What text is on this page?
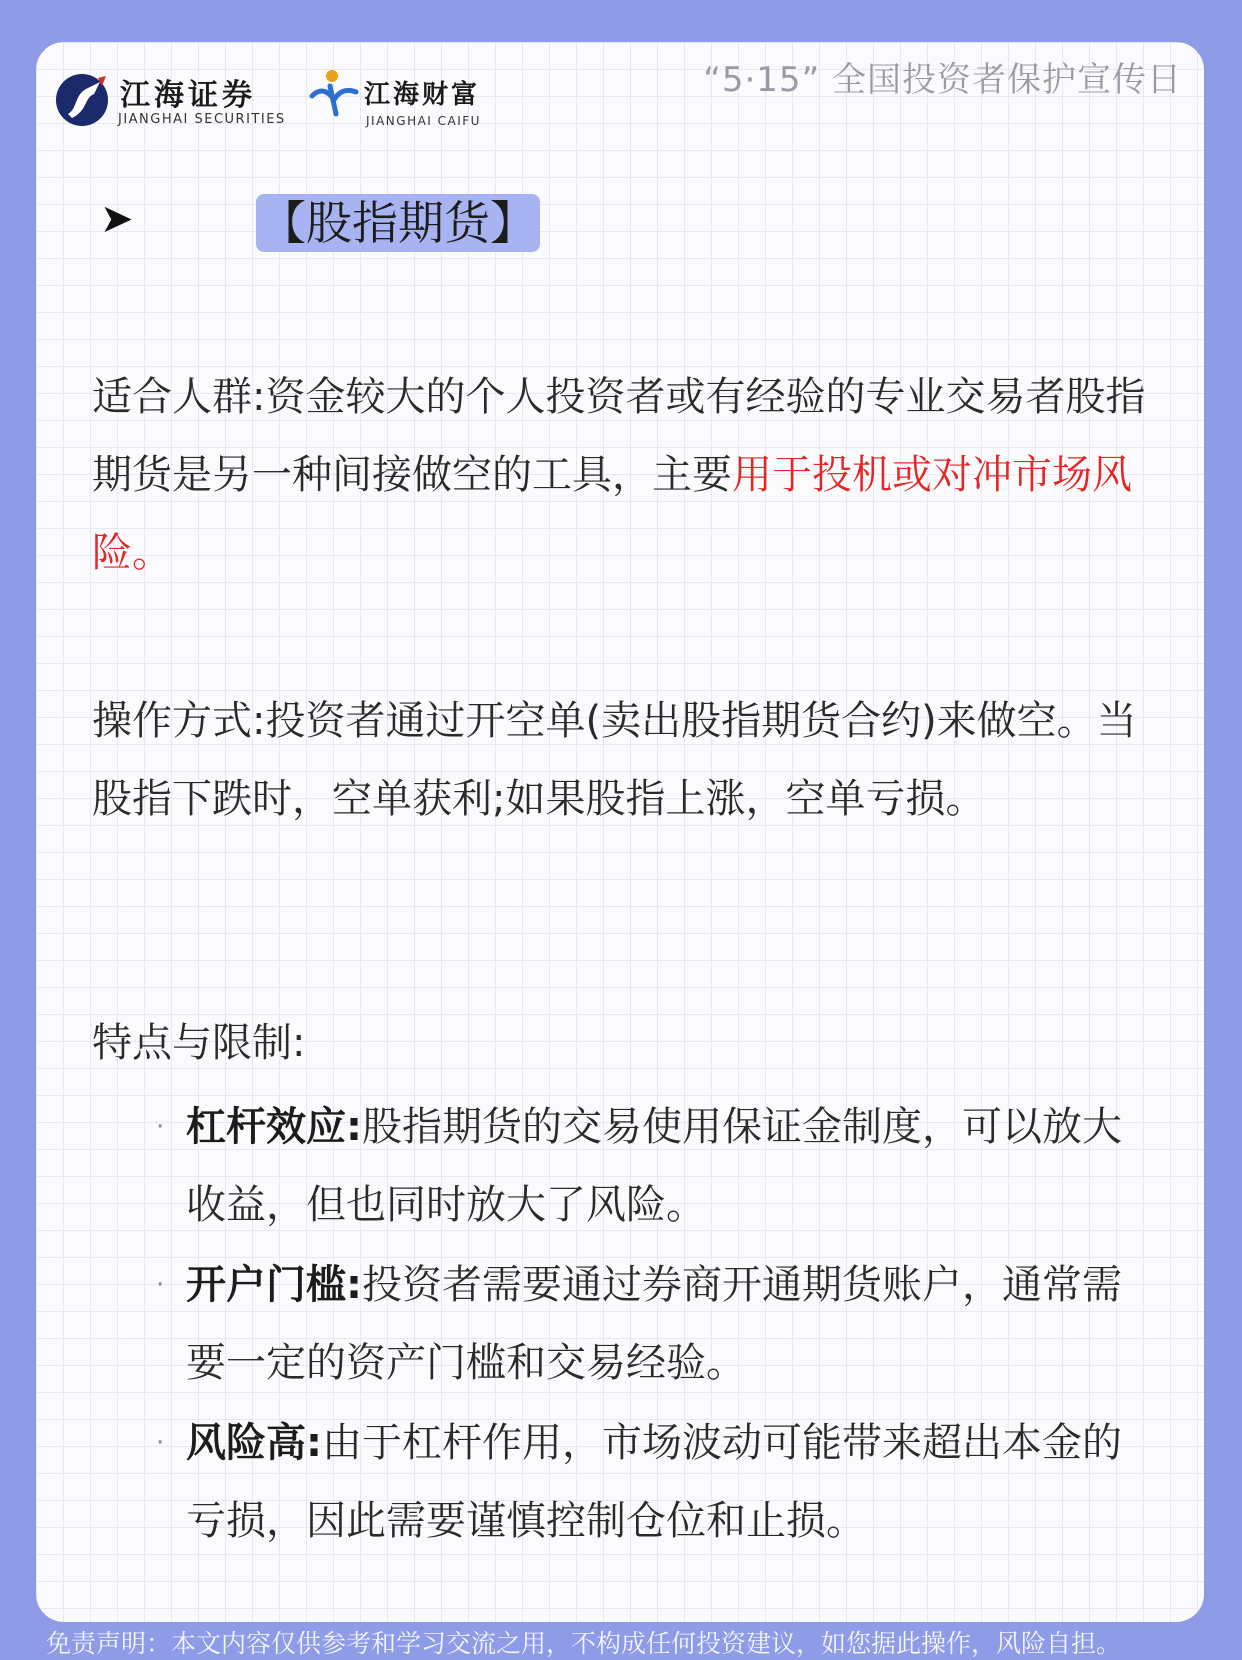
江海证券
JIANGHAI SECURITIES
江海财富
JIANGHAI CAIFU
“5·15” 全国投资者保护宣传日
➤	【股指期货】

适合人群:资金较大的个人投资者或有经验的专业交易者股指期货是另一种间接做空的工具，主要用于投机或对冲市场风险。

操作方式:投资者通过开空单(卖出股指期货合约)来做空。当股指下跌时，空单获利;如果股指上涨，空单亏损。

特点与限制:

· 杠杆效应:股指期货的交易使用保证金制度，可以放大收益，但也同时放大了风险。
· 开户门槛:投资者需要通过券商开通期货账户，通常需要一定的资产门槛和交易经验。
· 风险高:由于杠杆作用，市场波动可能带来超出本金的亏损，因此需要谨慎控制仓位和止损。
免责声明：本文内容仅供参考和学习交流之用，不构成任何投资建议，如您据此操作，风险自担。
